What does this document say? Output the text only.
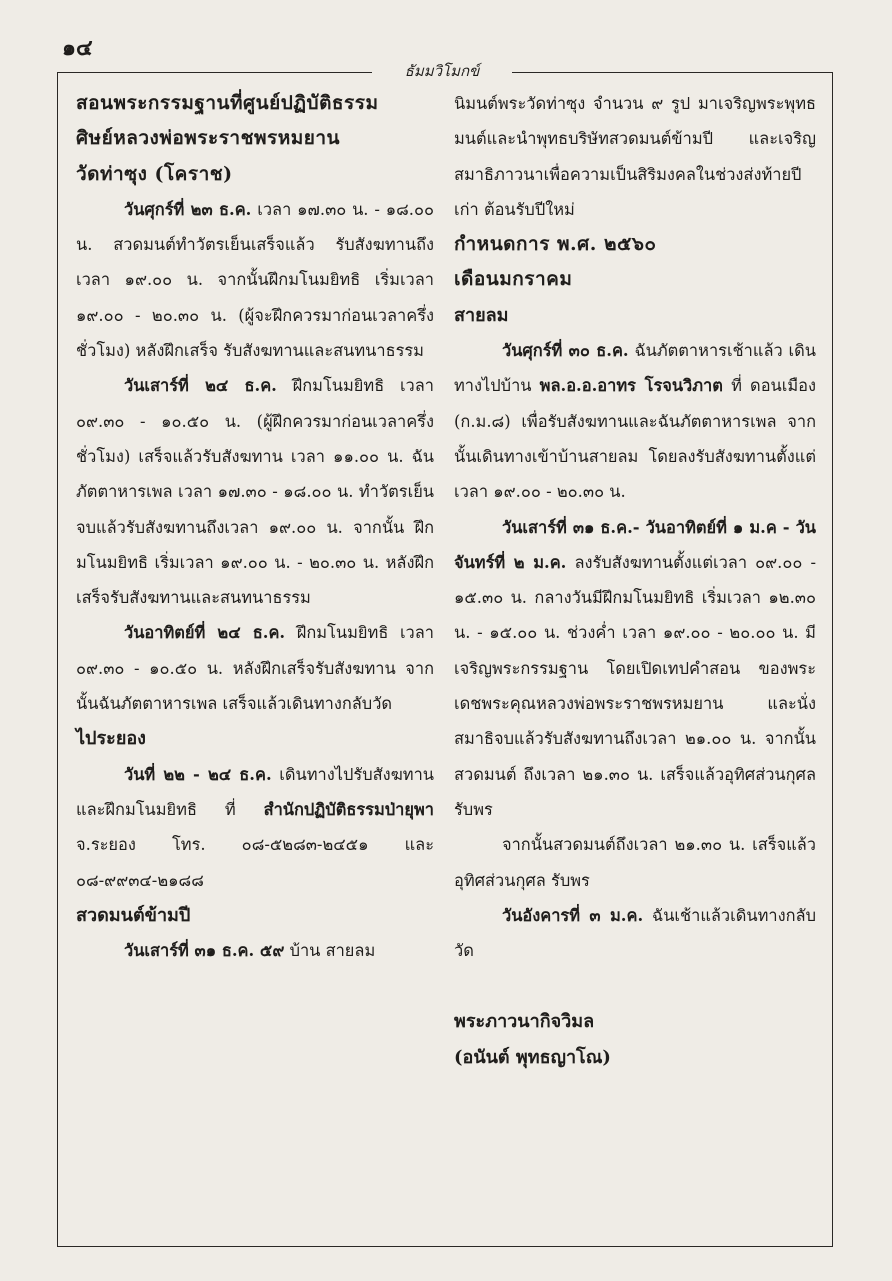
๑๔
ธัมมวิโมกข์

สอนพระกรรมฐานที่ศูนย์ปฏิบัติธรรม

ศิษย์หลวงพ่อพระราชพรหมยาน

วัดท่าซุง (โคราช)

วันศุกร์ที่ ๒๓ ธ.ค. เวลา ๑๗.๓๐ น. - ๑๘.๐๐ น. สวดมนต์ทำวัตรเย็นเสร็จแล้ว รับสังฆทานถึงเวลา ๑๙.๐๐ น. จากนั้นฝึกมโนมยิทธิ เริ่มเวลา ๑๙.๐๐ - ๒๐.๓๐ น. (ผู้จะฝึกควรมาก่อนเวลาครึ่งชั่วโมง) หลังฝึกเสร็จ รับสังฆทานและสนทนาธรรม

วันเสาร์ที่ ๒๔ ธ.ค. ฝึกมโนมยิทธิ เวลา ๐๙.๓๐ - ๑๐.๕๐ น. (ผู้ฝึกควรมาก่อนเวลาครึ่งชั่วโมง) เสร็จแล้วรับสังฆทาน เวลา ๑๑.๐๐ น. ฉันภัตตาหารเพล เวลา ๑๗.๓๐ - ๑๘.๐๐ น. ทำวัตรเย็น จบแล้วรับสังฆทานถึงเวลา ๑๙.๐๐ น. จากนั้น ฝึกมโนมยิทธิ เริ่มเวลา ๑๙.๐๐ น. - ๒๐.๓๐ น. หลังฝึกเสร็จรับสังฆทานและสนทนาธรรม

วันอาทิตย์ที่ ๒๔ ธ.ค. ฝึกมโนมยิทธิ เวลา ๐๙.๓๐ - ๑๐.๕๐ น. หลังฝึกเสร็จรับสังฆทาน จากนั้นฉันภัตตาหารเพล เสร็จแล้วเดินทางกลับวัด

ไประยอง

วันที่ ๒๒ - ๒๔ ธ.ค. เดินทางไปรับสังฆทานและฝึกมโนมยิทธิ ที่ สำนักปฏิบัติธรรมป่ายุพา จ.ระยอง โทร. ๐๘-๕๒๘๓-๒๔๕๑ และ ๐๘-๙๙๓๔-๒๑๘๘

สวดมนต์ข้ามปี

วันเสาร์ที่ ๓๑ ธ.ค. ๕๙ บ้าน สายลม

นิมนต์พระวัดท่าซุง จำนวน ๙ รูป มาเจริญพระพุทธมนต์และนำพุทธบริษัทสวดมนต์ข้ามปี และเจริญสมาธิภาวนาเพื่อความเป็นสิริมงคลในช่วงส่งท้ายปีเก่า ต้อนรับปีใหม่

กำหนดการ พ.ศ. ๒๕๖๐

เดือนมกราคม

สายลม

วันศุกร์ที่ ๓๐ ธ.ค. ฉันภัตตาหารเช้าแล้ว เดินทางไปบ้าน พล.อ.อ.อาทร โรจนวิภาต ที่ ดอนเมือง (ก.ม.๘) เพื่อรับสังฆทานและฉันภัตตาหารเพล จากนั้นเดินทางเข้าบ้านสายลม โดยลงรับสังฆทานตั้งแต่เวลา ๑๙.๐๐ - ๒๐.๓๐ น.

วันเสาร์ที่ ๓๑ ธ.ค.- วันอาทิตย์ที่ ๑ ม.ค - วันจันทร์ที่ ๒ ม.ค. ลงรับสังฆทานตั้งแต่เวลา ๐๙.๐๐ - ๑๕.๓๐ น. กลางวันมีฝึกมโนมยิทธิ เริ่มเวลา ๑๒.๓๐ น. - ๑๕.๐๐ น. ช่วงค่ำ เวลา ๑๙.๐๐ - ๒๐.๐๐ น. มีเจริญพระกรรมฐาน โดยเปิดเทปคำสอน ของพระเดชพระคุณหลวงพ่อพระราชพรหมยาน และนั่งสมาธิจบแล้วรับสังฆทานถึงเวลา ๒๑.๐๐ น. จากนั้นสวดมนต์ ถึงเวลา ๒๑.๓๐ น. เสร็จแล้วอุทิศส่วนกุศล รับพร

จากนั้นสวดมนต์ถึงเวลา ๒๑.๓๐ น. เสร็จแล้วอุทิศส่วนกุศล รับพร

วันอังคารที่ ๓ ม.ค. ฉันเช้าแล้วเดินทางกลับวัด

พระภาวนากิจวิมล

(อนันต์ พุทธญาโณ)
